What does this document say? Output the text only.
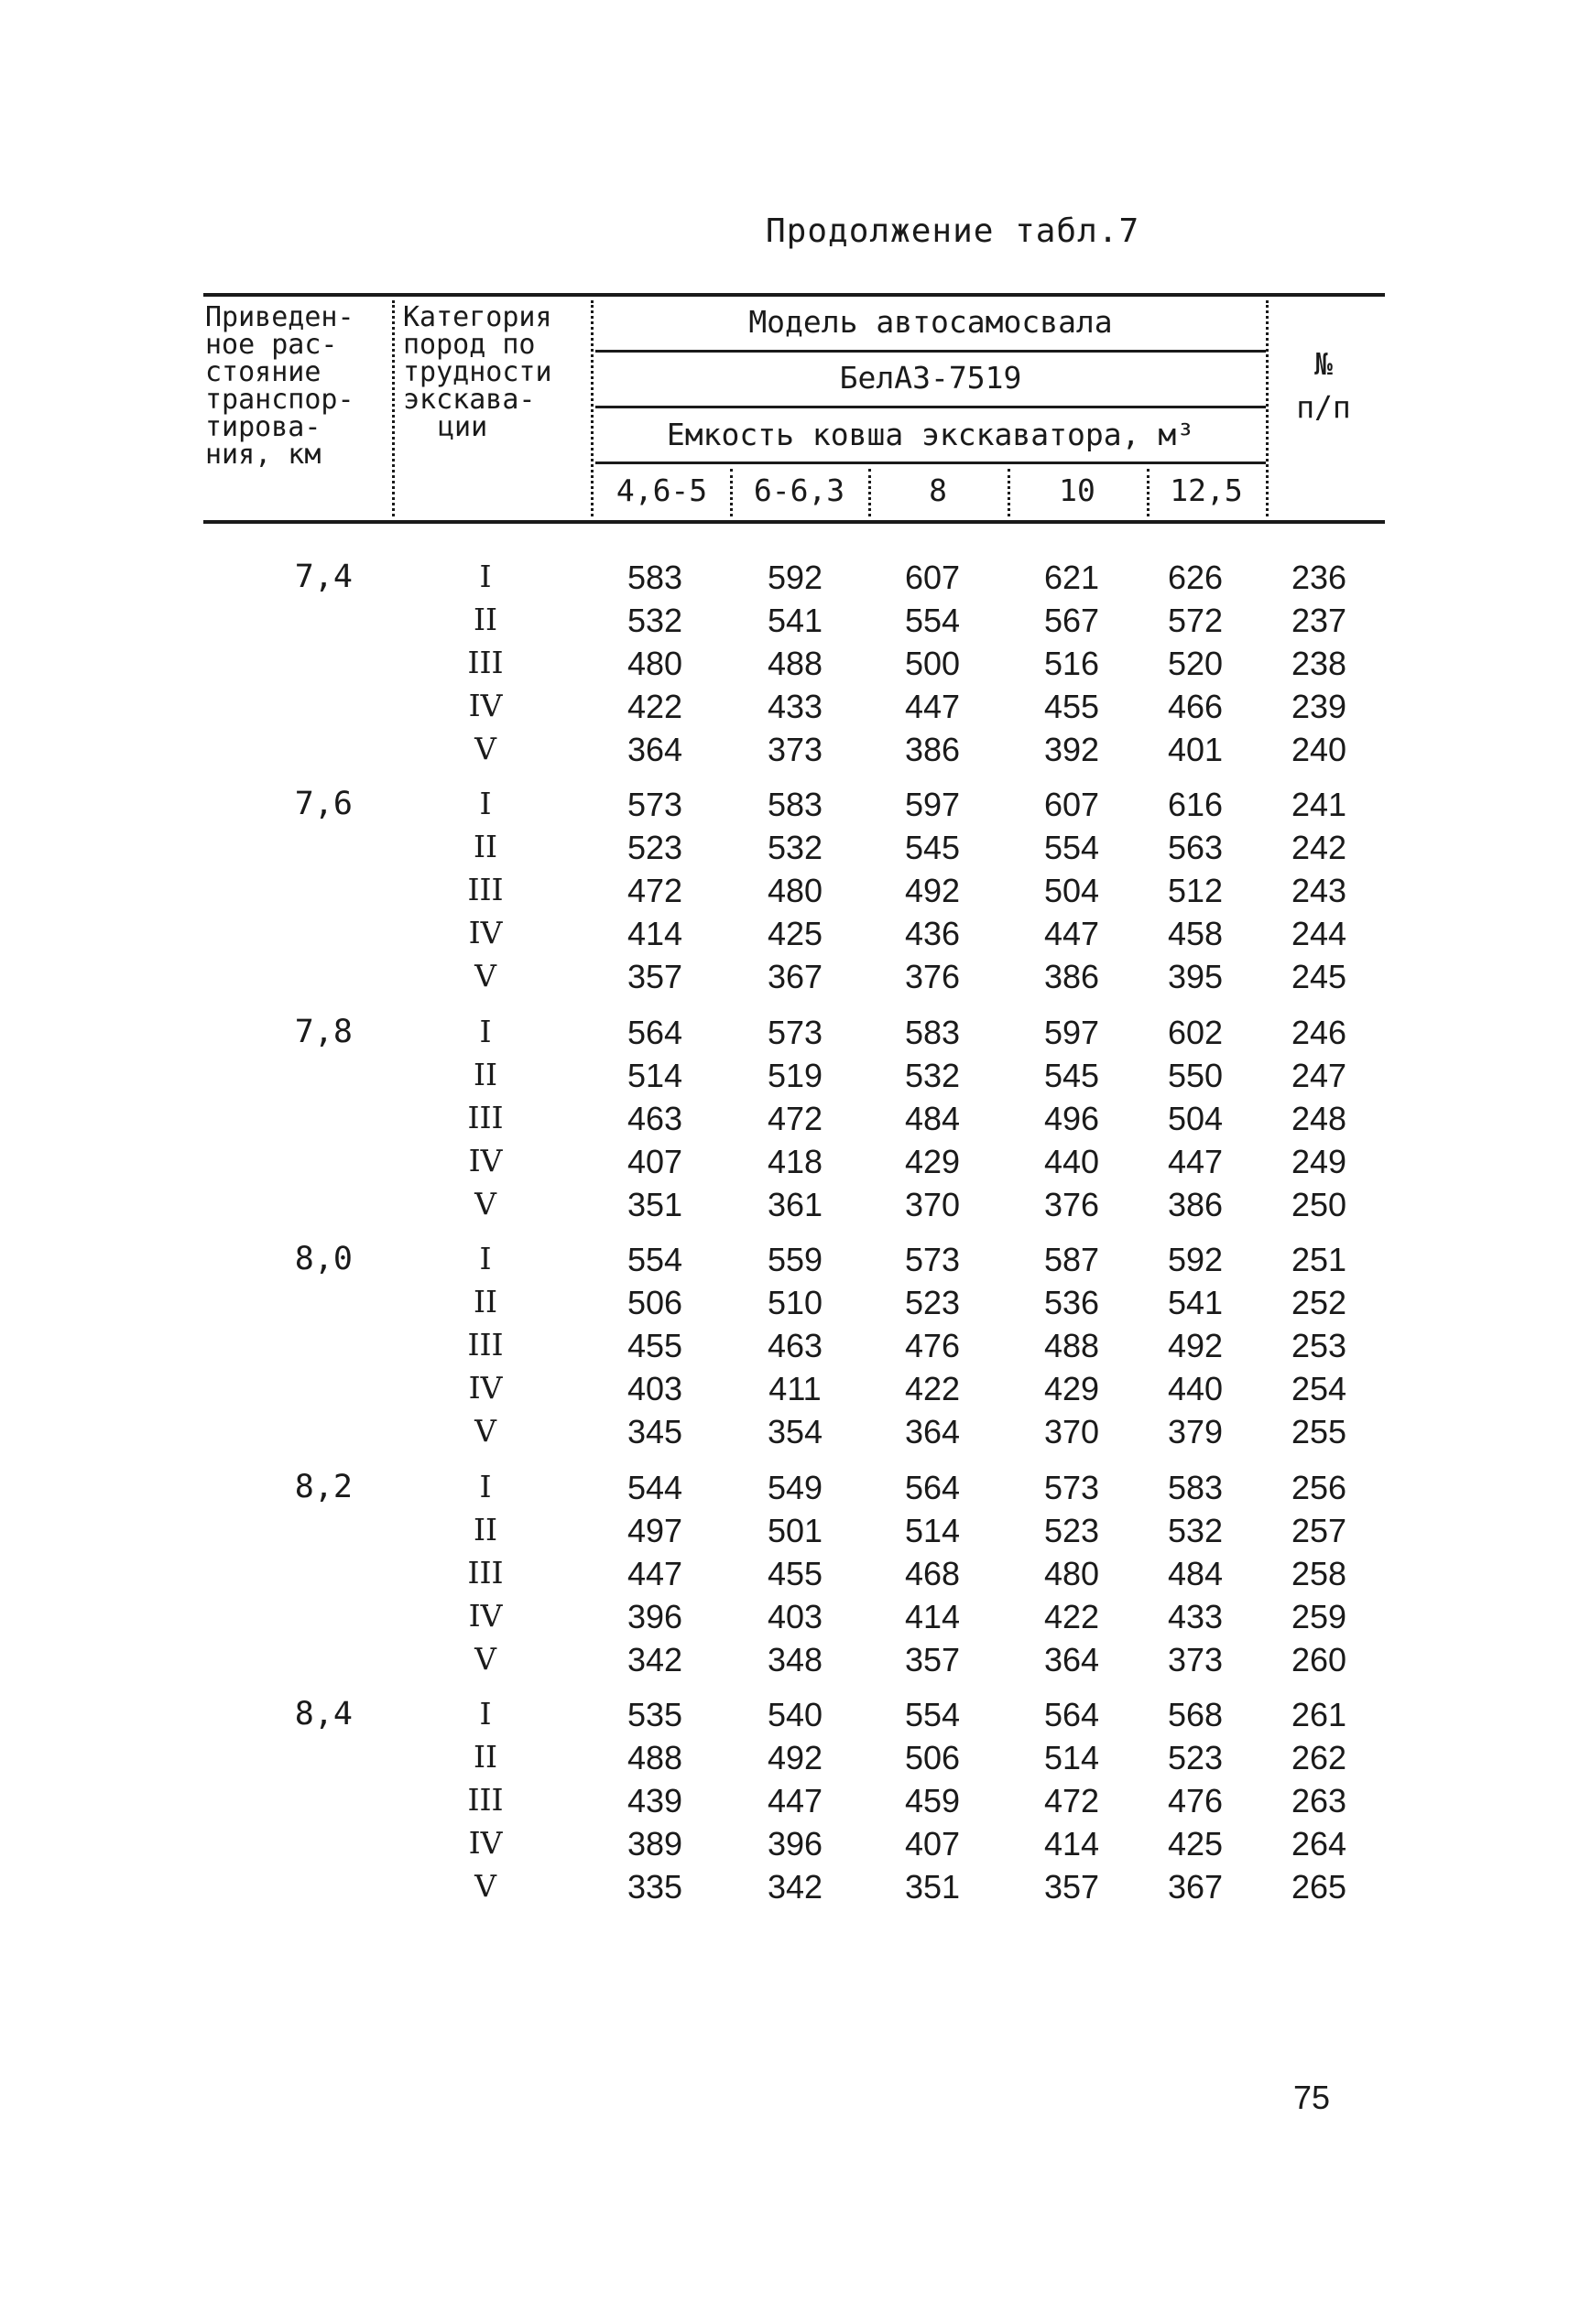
Продолжение табл.7
Приведен-
ное рас-
стояние
транспор-
тирова-
ния, км
Категория
пород по
трудности
экскава-
ции
Модель автосамосвала
БелАЗ-7519
Емкость ковша экскаватора, м³
4,6-5	6-6,3	8	10	12,5
№
п/п
7,4	I	583	592	607	621	626	236
II	532	541	554	567	572	237
III	480	488	500	516	520	238
IV	422	433	447	455	466	239
V	364	373	386	392	401	240
7,6	I	573	583	597	607	616	241
II	523	532	545	554	563	242
III	472	480	492	504	512	243
IV	414	425	436	447	458	244
V	357	367	376	386	395	245
7,8	I	564	573	583	597	602	246
II	514	519	532	545	550	247
III	463	472	484	496	504	248
IV	407	418	429	440	447	249
V	351	361	370	376	386	250
8,0	I	554	559	573	587	592	251
II	506	510	523	536	541	252
III	455	463	476	488	492	253
IV	403	411	422	429	440	254
V	345	354	364	370	379	255
8,2	I	544	549	564	573	583	256
II	497	501	514	523	532	257
III	447	455	468	480	484	258
IV	396	403	414	422	433	259
V	342	348	357	364	373	260
8,4	I	535	540	554	564	568	261
II	488	492	506	514	523	262
III	439	447	459	472	476	263
IV	389	396	407	414	425	264
V	335	342	351	357	367	265
75
